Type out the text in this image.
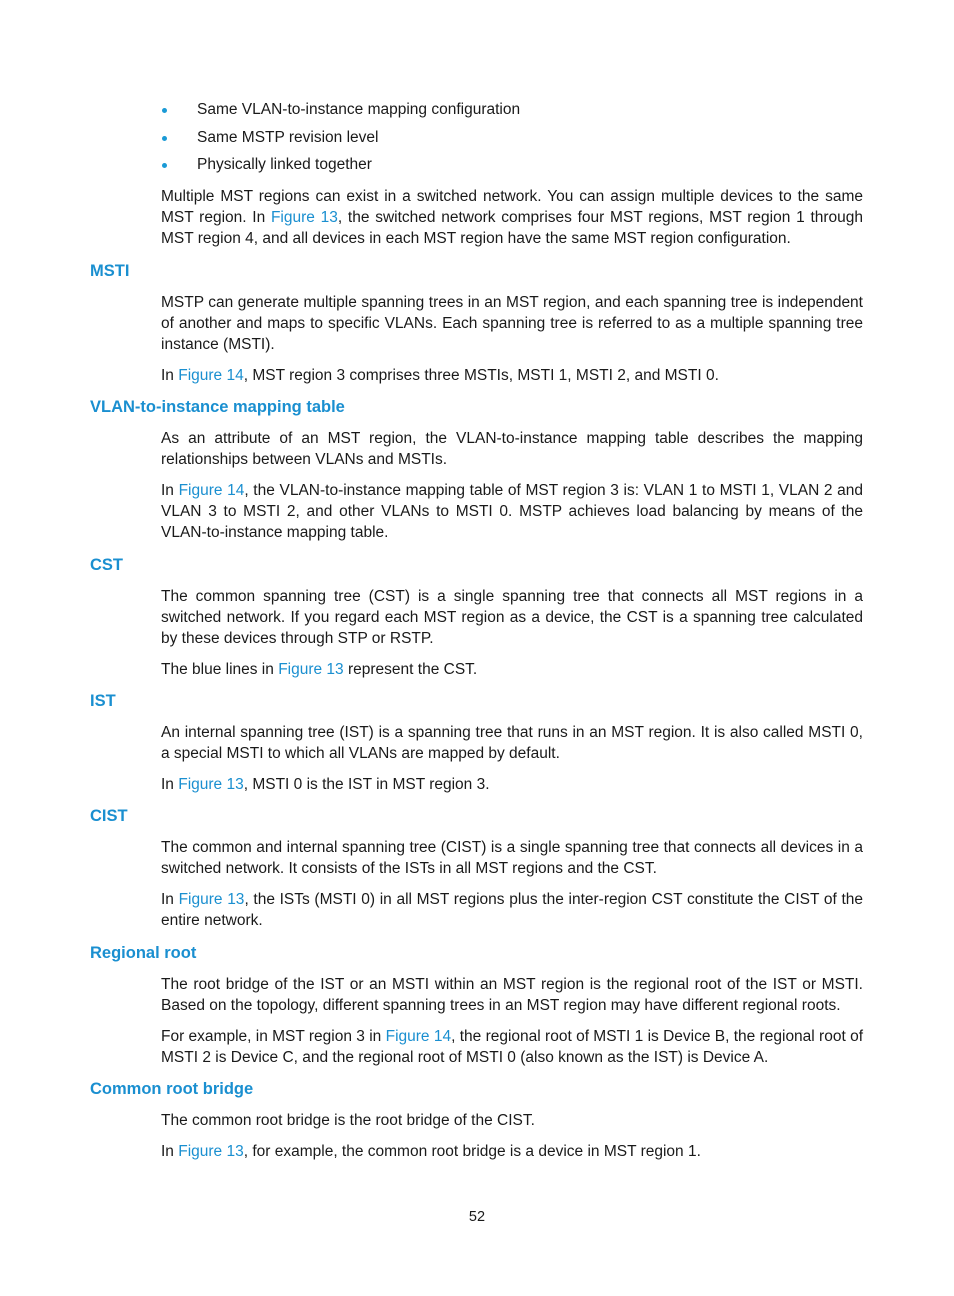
Same VLAN-to-instance mapping configuration
Same MSTP revision level
Physically linked together

Multiple MST regions can exist in a switched network. You can assign multiple devices to the same MST region. In Figure 13, the switched network comprises four MST regions, MST region 1 through MST region 4, and all devices in each MST region have the same MST region configuration.

MSTI

MSTP can generate multiple spanning trees in an MST region, and each spanning tree is independent of another and maps to specific VLANs. Each spanning tree is referred to as a multiple spanning tree instance (MSTI).

In Figure 14, MST region 3 comprises three MSTIs, MSTI 1, MSTI 2, and MSTI 0.

VLAN-to-instance mapping table

As an attribute of an MST region, the VLAN-to-instance mapping table describes the mapping relationships between VLANs and MSTIs.

In Figure 14, the VLAN-to-instance mapping table of MST region 3 is: VLAN 1 to MSTI 1, VLAN 2 and VLAN 3 to MSTI 2, and other VLANs to MSTI 0. MSTP achieves load balancing by means of the VLAN-to-instance mapping table.

CST

The common spanning tree (CST) is a single spanning tree that connects all MST regions in a switched network. If you regard each MST region as a device, the CST is a spanning tree calculated by these devices through STP or RSTP.

The blue lines in Figure 13 represent the CST.

IST

An internal spanning tree (IST) is a spanning tree that runs in an MST region. It is also called MSTI 0, a special MSTI to which all VLANs are mapped by default.

In Figure 13, MSTI 0 is the IST in MST region 3.

CIST

The common and internal spanning tree (CIST) is a single spanning tree that connects all devices in a switched network. It consists of the ISTs in all MST regions and the CST.

In Figure 13, the ISTs (MSTI 0) in all MST regions plus the inter-region CST constitute the CIST of the entire network.

Regional root

The root bridge of the IST or an MSTI within an MST region is the regional root of the IST or MSTI. Based on the topology, different spanning trees in an MST region may have different regional roots.

For example, in MST region 3 in Figure 14, the regional root of MSTI 1 is Device B, the regional root of MSTI 2 is Device C, and the regional root of MSTI 0 (also known as the IST) is Device A.

Common root bridge

The common root bridge is the root bridge of the CIST.

In Figure 13, for example, the common root bridge is a device in MST region 1.

52
